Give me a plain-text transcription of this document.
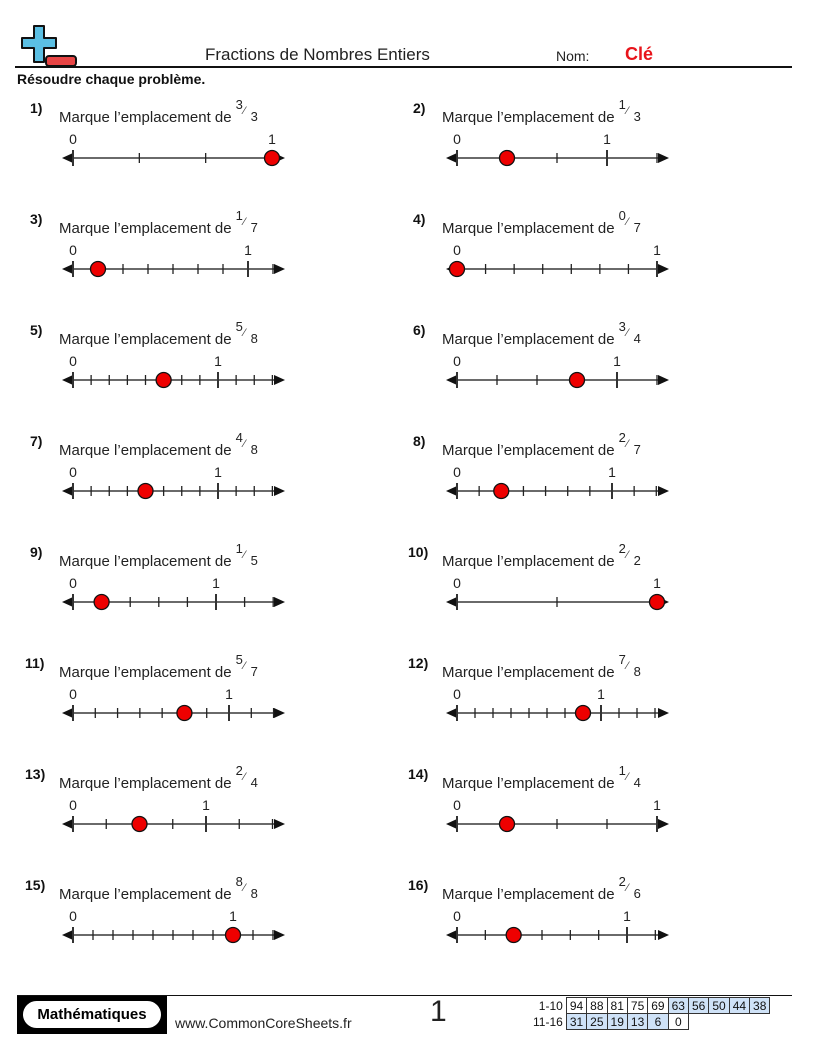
Fractions de Nombres Entiers	Nom: Clé
Résoudre chaque problème.
1)
Marque l’emplacement de
3 ⁄ 3
0	1
2)
Marque l’emplacement de
1 ⁄ 3
0	1
3)
Marque l’emplacement de
1 ⁄ 7
0	1
4)
Marque l’emplacement de
0 ⁄ 7
0	1
5)
Marque l’emplacement de
5 ⁄ 8
0	1
6)
Marque l’emplacement de
3 ⁄ 4
0	1
7)
Marque l’emplacement de
4 ⁄ 8
0	1
8)
Marque l’emplacement de
2 ⁄ 7
0	1
9)
Marque l’emplacement de
1 ⁄ 5
0	1
10)
Marque l’emplacement de
2 ⁄ 2
0	1
11)
Marque l’emplacement de
5 ⁄ 7
0	1
12)
Marque l’emplacement de
7 ⁄ 8
0	1
13)
Marque l’emplacement de
2 ⁄ 4
0	1
14)
Marque l’emplacement de
1 ⁄ 4
0	1
15)
Marque l’emplacement de
8 ⁄ 8
0	1
16)
Marque l’emplacement de
2 ⁄ 6
0	1
Mathématiques	www.CommonCoreSheets.fr	1	1-10	94	88	81	75	69	63	56	50	44	38
11-16	31	25	19	13	6	0				
